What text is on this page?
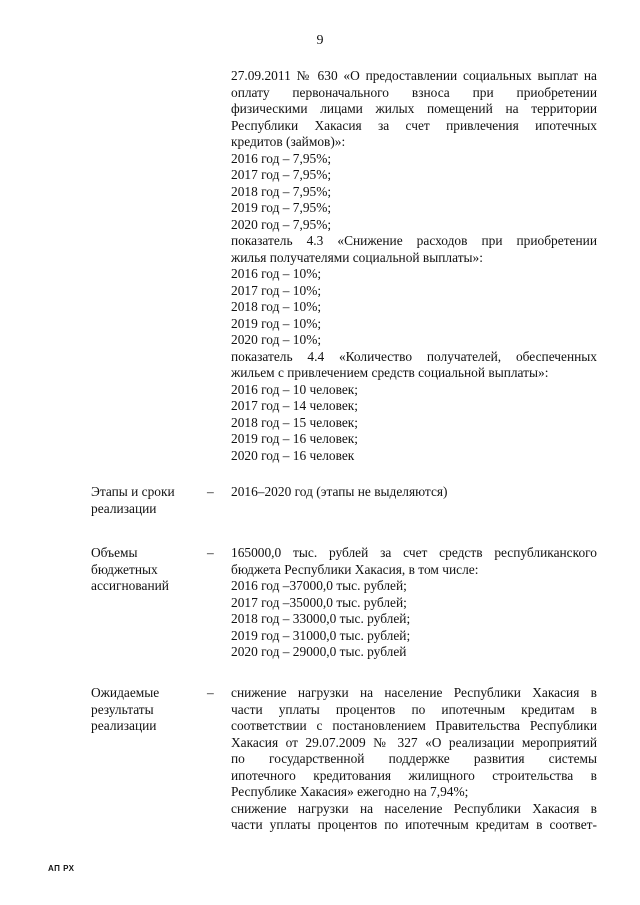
9
27.09.2011 № 630 «О предоставлении социальных выплат на
оплату первоначального взноса при приобретении
физическими лицами жилых помещений на территории
Республики Хакасия за счет привлечения ипотечных
кредитов (займов)»:
2016 год – 7,95%;
2017 год – 7,95%;
2018 год – 7,95%;
2019 год – 7,95%;
2020 год – 7,95%;
показатель 4.3 «Снижение расходов при приобретении
жилья получателями социальной выплаты»:
2016 год – 10%;
2017 год – 10%;
2018 год – 10%;
2019 год – 10%;
2020 год – 10%;
показатель 4.4 «Количество получателей, обеспеченных
жильем с привлечением средств социальной выплаты»:
2016 год – 10 человек;
2017 год – 14 человек;
2018 год – 15 человек;
2019 год – 16 человек;
2020 год – 16 человек
Этапы и сроки
реализации
– 2016–2020 год (этапы не выделяются)
Объемы
бюджетных
ассигнований
– 165000,0 тыс. рублей за счет средств республиканского
бюджета Республики Хакасия, в том числе:
2016 год –37000,0 тыс. рублей;
2017 год –35000,0 тыс. рублей;
2018 год – 33000,0 тыс. рублей;
2019 год – 31000,0 тыс. рублей;
2020 год – 29000,0 тыс. рублей
Ожидаемые
результаты
реализации
– снижение нагрузки на население Республики Хакасия в
части уплаты процентов по ипотечным кредитам в
соответствии с постановлением Правительства Республики
Хакасия от 29.07.2009 № 327 «О реализации мероприятий
по государственной поддержке развития системы
ипотечного кредитования жилищного строительства в
Республике Хакасия» ежегодно на 7,94%;
снижение нагрузки на население Республики Хакасия в
части уплаты процентов по ипотечным кредитам в соответ-
АП РХ
